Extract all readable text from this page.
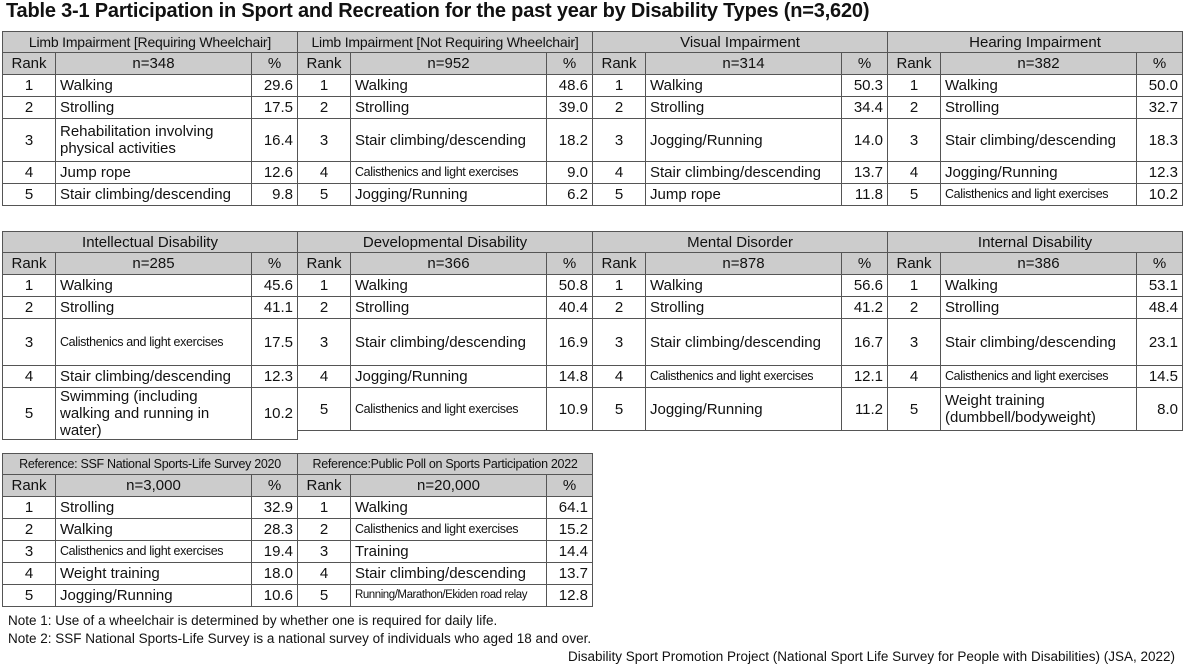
Table 3-1 Participation in Sport and Recreation for the past year by Disability Types (n=3,620)
Limb Impairment [Requiring Wheelchair]		
Rank	n=348	%
1	Walking	29.6
2	Strolling	17.5
3	Rehabilitation involving physical activities	16.4
4	Jump rope	12.6
5	Stair climbing/descending	9.8
Limb Impairment [Not Requiring Wheelchair]		
Rank	n=952	%
1	Walking	48.6
2	Strolling	39.0
3	Stair climbing/descending	18.2
4	Calisthenics and light exercises	9.0
5	Jogging/Running	6.2
Visual Impairment		
Rank	n=314	%
1	Walking	50.3
2	Strolling	34.4
3	Jogging/Running	14.0
4	Stair climbing/descending	13.7
5	Jump rope	11.8
Hearing Impairment		
Rank	n=382	%
1	Walking	50.0
2	Strolling	32.7
3	Stair climbing/descending	18.3
4	Jogging/Running	12.3
5	Calisthenics and light exercises	10.2
Intellectual Disability		
Rank	n=285	%
1	Walking	45.6
2	Strolling	41.1
3	Calisthenics and light exercises	17.5
4	Stair climbing/descending	12.3
5	Swimming (including walking and running in water)	10.2
Developmental Disability		
Rank	n=366	%
1	Walking	50.8
2	Strolling	40.4
3	Stair climbing/descending	16.9
4	Jogging/Running	14.8
5	Calisthenics and light exercises	10.9
Mental Disorder		
Rank	n=878	%
1	Walking	56.6
2	Strolling	41.2
3	Stair climbing/descending	16.7
4	Calisthenics and light exercises	12.1
5	Jogging/Running	11.2
Internal Disability		
Rank	n=386	%
1	Walking	53.1
2	Strolling	48.4
3	Stair climbing/descending	23.1
4	Calisthenics and light exercises	14.5
5	Weight training (dumbbell/bodyweight)	8.0
Reference: SSF National Sports-Life Survey 2020		
Rank	n=3,000	%
1	Strolling	32.9
2	Walking	28.3
3	Calisthenics and light exercises	19.4
4	Weight training	18.0
5	Jogging/Running	10.6
Reference:Public Poll on Sports Participation 2022		
Rank	n=20,000	%
1	Walking	64.1
2	Calisthenics and light exercises	15.2
3	Training	14.4
4	Stair climbing/descending	13.7
5	Running/Marathon/Ekiden road relay	12.8
Note 1: Use of a wheelchair is determined by whether one is required for daily life.
Note 2: SSF National Sports-Life Survey is a national survey of individuals who aged 18 and over.
Disability Sport Promotion Project (National Sport Life Survey for People with Disabilities) (JSA, 2022)
